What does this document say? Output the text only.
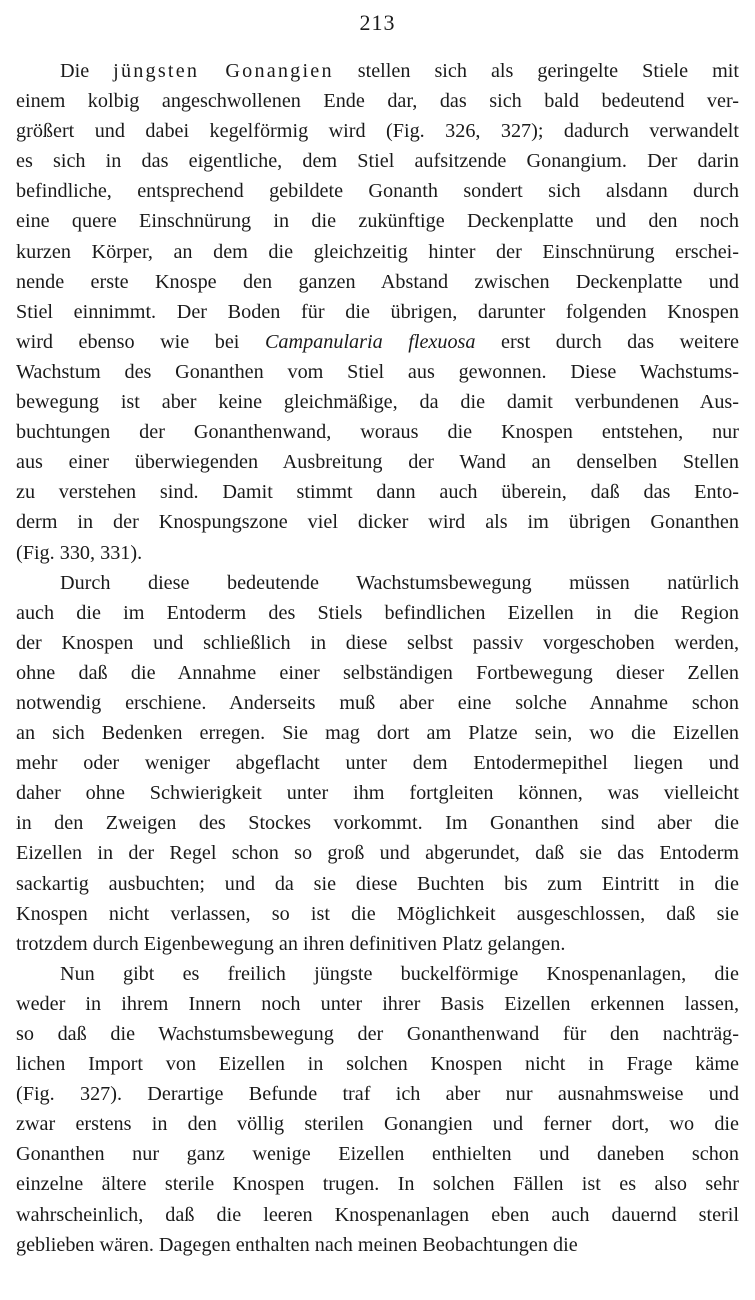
213
Die jüngsten Gonangien stellen sich als geringelte Stiele mit
einem kolbig angeschwollenen Ende dar, das sich bald bedeutend ver-
größert und dabei kegelförmig wird (Fig. 326, 327); dadurch verwandelt
es sich in das eigentliche, dem Stiel aufsitzende Gonangium. Der darin
befindliche, entsprechend gebildete Gonanth sondert sich alsdann durch
eine quere Einschnürung in die zukünftige Deckenplatte und den noch
kurzen Körper, an dem die gleichzeitig hinter der Einschnürung erschei-
nende erste Knospe den ganzen Abstand zwischen Deckenplatte und
Stiel einnimmt. Der Boden für die übrigen, darunter folgenden Knospen
wird ebenso wie bei Campanularia flexuosa erst durch das weitere
Wachstum des Gonanthen vom Stiel aus gewonnen. Diese Wachstums-
bewegung ist aber keine gleichmäßige, da die damit verbundenen Aus-
buchtungen der Gonanthenwand, woraus die Knospen entstehen, nur
aus einer überwiegenden Ausbreitung der Wand an denselben Stellen
zu verstehen sind. Damit stimmt dann auch überein, daß das Ento-
derm in der Knospungszone viel dicker wird als im übrigen Gonanthen
(Fig. 330, 331).
Durch diese bedeutende Wachstumsbewegung müssen natürlich
auch die im Entoderm des Stiels befindlichen Eizellen in die Region
der Knospen und schließlich in diese selbst passiv vorgeschoben werden,
ohne daß die Annahme einer selbständigen Fortbewegung dieser Zellen
notwendig erschiene. Anderseits muß aber eine solche Annahme schon
an sich Bedenken erregen. Sie mag dort am Platze sein, wo die Eizellen
mehr oder weniger abgeflacht unter dem Entodermepithel liegen und
daher ohne Schwierigkeit unter ihm fortgleiten können, was vielleicht
in den Zweigen des Stockes vorkommt. Im Gonanthen sind aber die
Eizellen in der Regel schon so groß und abgerundet, daß sie das Entoderm
sackartig ausbuchten; und da sie diese Buchten bis zum Eintritt in die
Knospen nicht verlassen, so ist die Möglichkeit ausgeschlossen, daß sie
trotzdem durch Eigenbewegung an ihren definitiven Platz gelangen.
Nun gibt es freilich jüngste buckelförmige Knospenanlagen, die
weder in ihrem Innern noch unter ihrer Basis Eizellen erkennen lassen,
so daß die Wachstumsbewegung der Gonanthenwand für den nachträg-
lichen Import von Eizellen in solchen Knospen nicht in Frage käme
(Fig. 327). Derartige Befunde traf ich aber nur ausnahmsweise und
zwar erstens in den völlig sterilen Gonangien und ferner dort, wo die
Gonanthen nur ganz wenige Eizellen enthielten und daneben schon
einzelne ältere sterile Knospen trugen. In solchen Fällen ist es also sehr
wahrscheinlich, daß die leeren Knospenanlagen eben auch dauernd steril
geblieben wären. Dagegen enthalten nach meinen Beobachtungen die
